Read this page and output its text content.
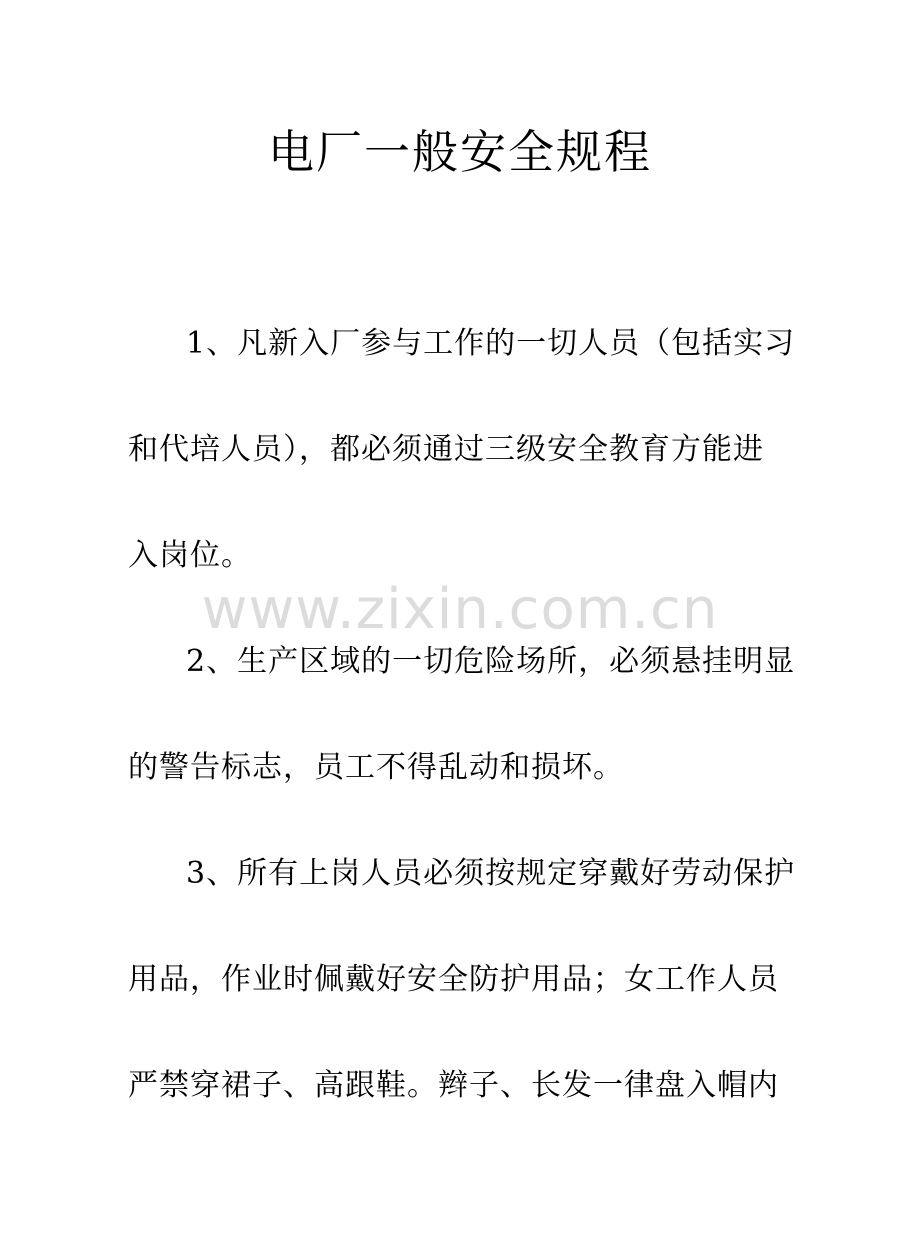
www.zixin.com.cn
电厂一般安全规程

1、凡新入厂参与工作的一切人员（包括实习
和代培人员），都必须通过三级安全教育方能进
入岗位。

2、生产区域的一切危险场所，必须悬挂明显
的警告标志，员工不得乱动和损坏。

3、所有上岗人员必须按规定穿戴好劳动保护
用品，作业时佩戴好安全防护用品；女工作人员
严禁穿裙子、高跟鞋。辫子、长发一律盘入帽内
